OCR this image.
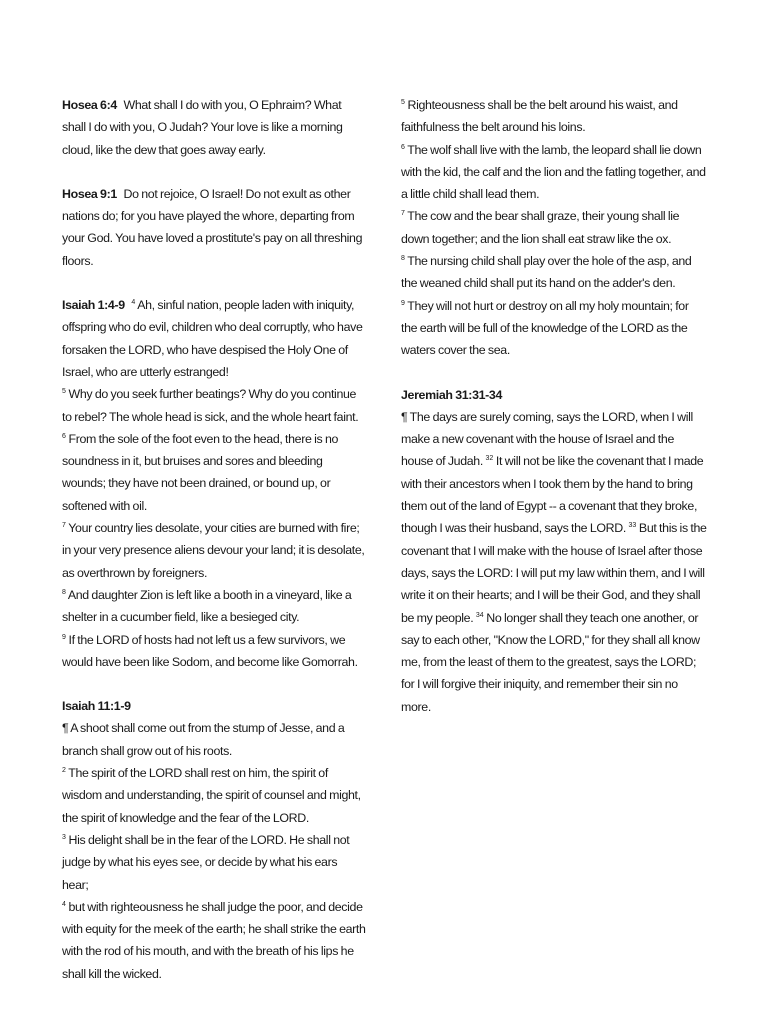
Hosea 6:4 What shall I do with you, O Ephraim? What shall I do with you, O Judah? Your love is like a morning cloud, like the dew that goes away early.

Hosea 9:1 Do not rejoice, O Israel! Do not exult as other nations do; for you have played the whore, departing from your God. You have loved a prostitute's pay on all threshing floors.

Isaiah 1:4-9 $^4$ Ah, sinful nation, people laden with iniquity, offspring who do evil, children who deal corruptly, who have forsaken the LORD, who have despised the Holy One of Israel, who are utterly estranged!

$^5$ Why do you seek further beatings? Why do you continue to rebel? The whole head is sick, and the whole heart faint.

$^6$ From the sole of the foot even to the head, there is no soundness in it, but bruises and sores and bleeding wounds; they have not been drained, or bound up, or softened with oil.

$^7$ Your country lies desolate, your cities are burned with fire; in your very presence aliens devour your land; it is desolate, as overthrown by foreigners.

$^8$ And daughter Zion is left like a booth in a vineyard, like a shelter in a cucumber field, like a besieged city.

$^9$ If the LORD of hosts had not left us a few survivors, we would have been like Sodom, and become like Gomorrah.

Isaiah 11:1-9

¶ A shoot shall come out from the stump of Jesse, and a branch shall grow out of his roots.

$^2$ The spirit of the LORD shall rest on him, the spirit of wisdom and understanding, the spirit of counsel and might, the spirit of knowledge and the fear of the LORD.

$^3$ His delight shall be in the fear of the LORD. He shall not judge by what his eyes see, or decide by what his ears hear;

$^4$ but with righteousness he shall judge the poor, and decide with equity for the meek of the earth; he shall strike the earth with the rod of his mouth, and with the breath of his lips he shall kill the wicked.

$^5$ Righteousness shall be the belt around his waist, and faithfulness the belt around his loins.

$^6$ The wolf shall live with the lamb, the leopard shall lie down with the kid, the calf and the lion and the fatling together, and a little child shall lead them.

$^7$ The cow and the bear shall graze, their young shall lie down together; and the lion shall eat straw like the ox.

$^8$ The nursing child shall play over the hole of the asp, and the weaned child shall put its hand on the adder's den.

$^9$ They will not hurt or destroy on all my holy mountain; for the earth will be full of the knowledge of the LORD as the waters cover the sea.

Jeremiah 31:31-34

¶ The days are surely coming, says the LORD, when I will make a new covenant with the house of Israel and the house of Judah. $^{32}$ It will not be like the covenant that I made with their ancestors when I took them by the hand to bring them out of the land of Egypt -- a covenant that they broke, though I was their husband, says the LORD. $^{33}$ But this is the covenant that I will make with the house of Israel after those days, says the LORD: I will put my law within them, and I will write it on their hearts; and I will be their God, and they shall be my people. $^{34}$ No longer shall they teach one another, or say to each other, "Know the LORD," for they shall all know me, from the least of them to the greatest, says the LORD; for I will forgive their iniquity, and remember their sin no more.
